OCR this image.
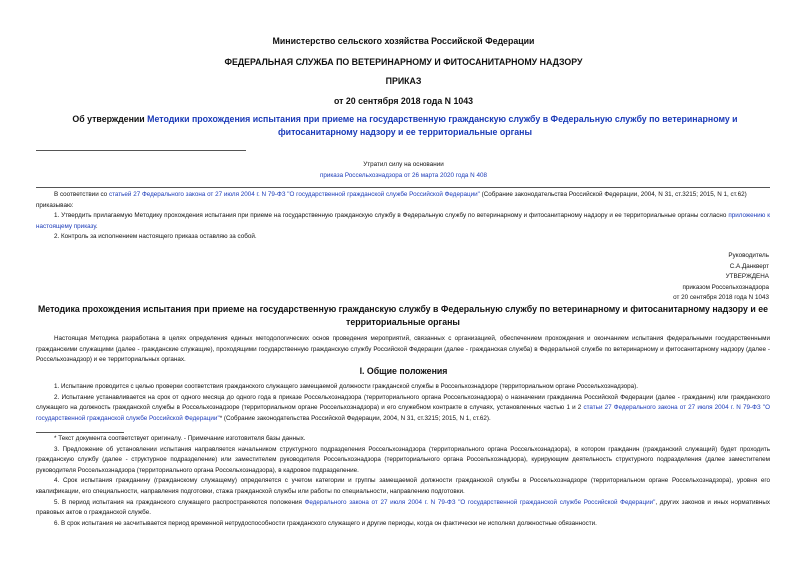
Министерство сельского хозяйства Российской Федерации
ФЕДЕРАЛЬНАЯ СЛУЖБА ПО ВЕТЕРИНАРНОМУ И ФИТОСАНИТАРНОМУ НАДЗОРУ
ПРИКАЗ
от 20 сентября 2018 года N 1043
Об утверждении Методики прохождения испытания при приеме на государственную гражданскую службу в Федеральную службу по ветеринарному и фитосанитарному надзору и ее территориальные органы
Утратил силу на основании
приказа Россельхознадзора от 26 марта 2020 года N 408

В соответствии со статьей 27 Федерального закона от 27 июля 2004 г. N 79-ФЗ "О государственной гражданской службе Российской Федерации" (Собрание законодательства Российской Федерации, 2004, N 31, ст.3215; 2015, N 1, ст.62)

приказываю:

1. Утвердить прилагаемую Методику прохождения испытания при приеме на государственную гражданскую службу в Федеральную службу по ветеринарному и фитосанитарному надзору и ее территориальные органы согласно приложению к настоящему приказу.

2. Контроль за исполнением настоящего приказа оставляю за собой.

Руководитель
С.А.Данкверт
УТВЕРЖДЕНА
приказом Россельхознадзора
от 20 сентября 2018 года N 1043
Методика прохождения испытания при приеме на государственную гражданскую службу в Федеральную службу по ветеринарному и фитосанитарному надзору и ее территориальные органы

Настоящая Методика разработана в целях определения единых методологических основ проведения мероприятий, связанных с организацией, обеспечением прохождения и окончанием испытания федеральными государственными гражданскими служащими (далее - гражданские служащие), проходящими государственную гражданскую службу Российской Федерации (далее - гражданская служба) в Федеральной службе по ветеринарному и фитосанитарному надзору (далее - Россельхознадзор) и ее территориальных органах.

I. Общие положения

1. Испытание проводится с целью проверки соответствия гражданского служащего замещаемой должности гражданской службы в Россельхознадзоре (территориальном органе Россельхознадзора).

2. Испытание устанавливается на срок от одного месяца до одного года в приказе Россельхознадзора (территориального органа Россельхознадзора) о назначении гражданина Российской Федерации (далее - гражданин) или гражданского служащего на должность гражданской службы в Россельхознадзоре (территориальном органе Россельхознадзора) и его служебном контракте в случаях, установленных частью 1 и 2 статьи 27 Федерального закона от 27 июля 2004 г. N 79-ФЗ "О государственной гражданской службе Российской Федерации"* (Собрание законодательства Российской Федерации, 2004, N 31, ст.3215; 2015, N 1, ст.62).

* Текст документа соответствует оригиналу. - Примечание изготовителя базы данных.

3. Предложение об установлении испытания направляется начальником структурного подразделения Россельхознадзора (территориального органа Россельхознадзора), в котором гражданин (гражданский служащий) будет проходить гражданскую службу (далее - структурное подразделение) или заместителем руководителя Россельхознадзора (территориального органа Россельхознадзора), курирующим деятельность структурного подразделения (далее заместителем руководителя Россельхознадзора (территориального органа Россельхознадзора), в кадровое подразделение.

4. Срок испытания гражданину (гражданскому служащему) определяется с учетом категории и группы замещаемой должности гражданской службы в Россельхознадзоре (территориальном органе Россельхознадзора), уровня его квалификации, его специальности, направления подготовки, стажа гражданской службы или работы по специальности, направлению подготовки.

5. В период испытания на гражданского служащего распространяются положения Федерального закона от 27 июля 2004 г. N 79-ФЗ "О государственной гражданской службе Российской Федерации", других законов и иных нормативных правовых актов о гражданской службе.

6. В срок испытания не засчитывается период временной нетрудоспособности гражданского служащего и другие периоды, когда он фактически не исполнял должностные обязанности.
